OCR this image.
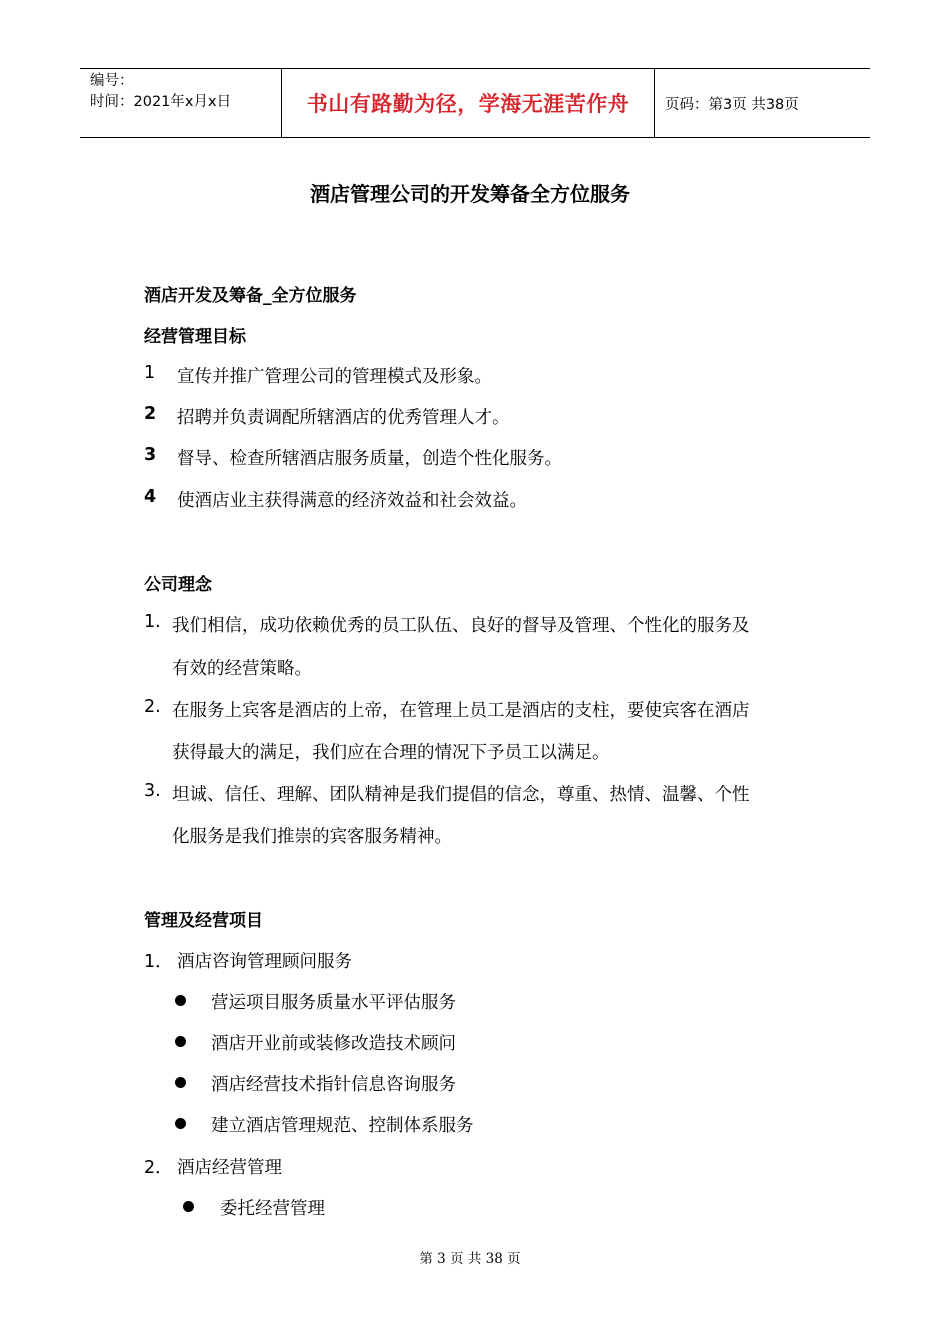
编号：
时间：2021年x月x日	书山有路勤为径，学海无涯苦作舟	页码：第3页 共38页
酒店管理公司的开发筹备全方位服务
酒店开发及筹备_全方位服务
经营管理目标
1 宣传并推广管理公司的管理模式及形象。
2 招聘并负责调配所辖酒店的优秀管理人才。
3 督导、检查所辖酒店服务质量，创造个性化服务。
4 使酒店业主获得满意的经济效益和社会效益。
公司理念
1. 我们相信，成功依赖优秀的员工队伍、良好的督导及管理、个性化的服务及
有效的经营策略。
2. 在服务上宾客是酒店的上帝，在管理上员工是酒店的支柱，要使宾客在酒店
获得最大的满足，我们应在合理的情况下予员工以满足。
3. 坦诚、信任、理解、团队精神是我们提倡的信念，尊重、热情、温馨、个性
化服务是我们推崇的宾客服务精神。
管理及经营项目
1． 酒店咨询管理顾问服务
营运项目服务质量水平评估服务
酒店开业前或装修改造技术顾问
酒店经营技术指针信息咨询服务
建立酒店管理规范、控制体系服务
2． 酒店经营管理
委托经营管理
第 3 页 共 38 页
